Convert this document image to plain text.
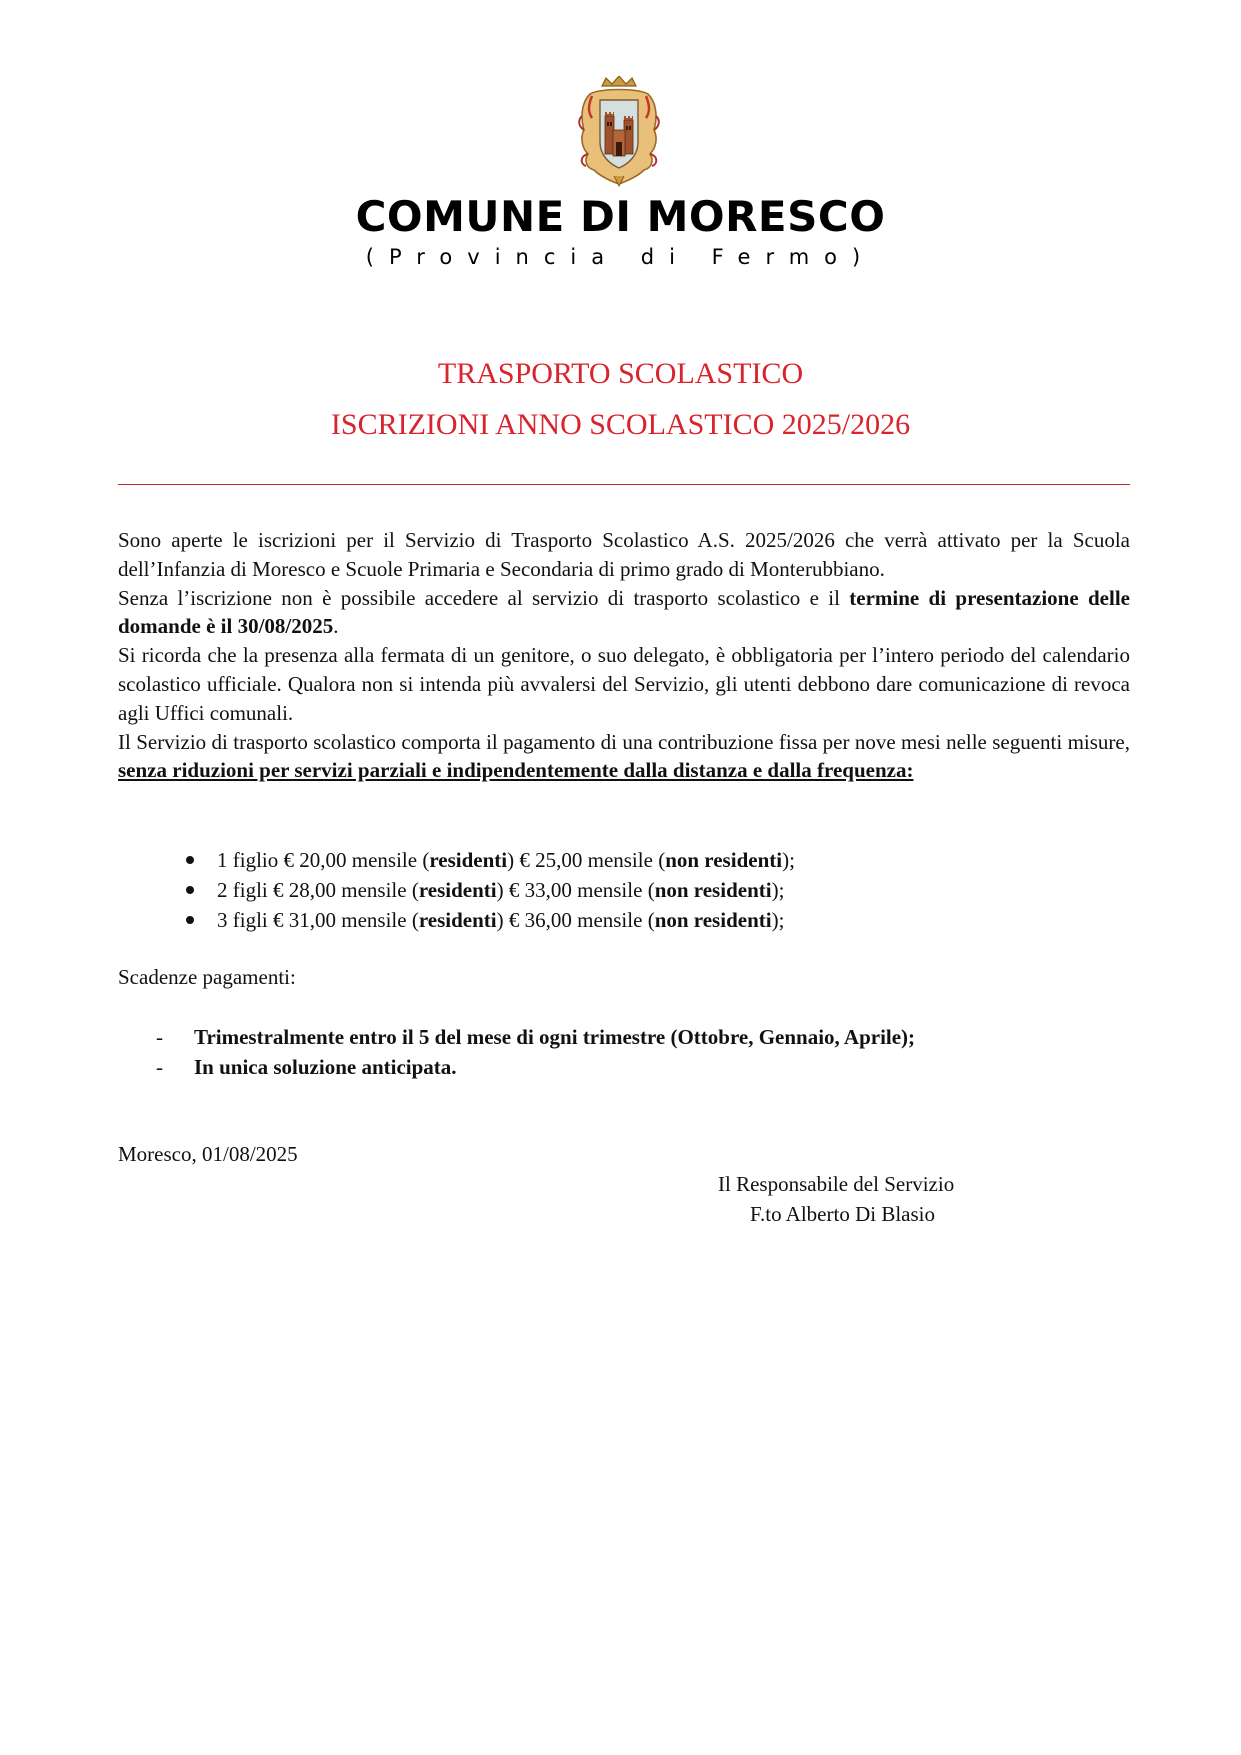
COMUNE DI MORESCO
(Provincia di Fermo)
TRASPORTO SCOLASTICO
ISCRIZIONI ANNO SCOLASTICO 2025/2026

Sono aperte le iscrizioni per il Servizio di Trasporto Scolastico A.S. 2025/2026 che verrà attivato per la Scuola dell’Infanzia di Moresco e Scuole Primaria e Secondaria di primo grado di Monterubbiano.

Senza l’iscrizione non è possibile accedere al servizio di trasporto scolastico e il termine di presentazione delle domande è il 30/08/2025.

Si ricorda che la presenza alla fermata di un genitore, o suo delegato, è obbligatoria per l’intero periodo del calendario scolastico ufficiale. Qualora non si intenda più avvalersi del Servizio, gli utenti debbono dare comunicazione di revoca agli Uffici comunali.

Il Servizio di trasporto scolastico comporta il pagamento di una contribuzione fissa per nove mesi nelle seguenti misure, senza riduzioni per servizi parziali e indipendentemente dalla distanza e dalla frequenza:

1 figlio € 20,00 mensile (residenti) € 25,00 mensile (non residenti);
2 figli € 28,00 mensile (residenti) € 33,00 mensile (non residenti);
3 figli € 31,00 mensile (residenti) € 36,00 mensile (non residenti);
Scadenze pagamenti:
- Trimestralmente entro il 5 del mese di ogni trimestre (Ottobre, Gennaio, Aprile);
- In unica soluzione anticipata.
Moresco, 01/08/2025
Il Responsabile del Servizio
F.to Alberto Di Blasio
